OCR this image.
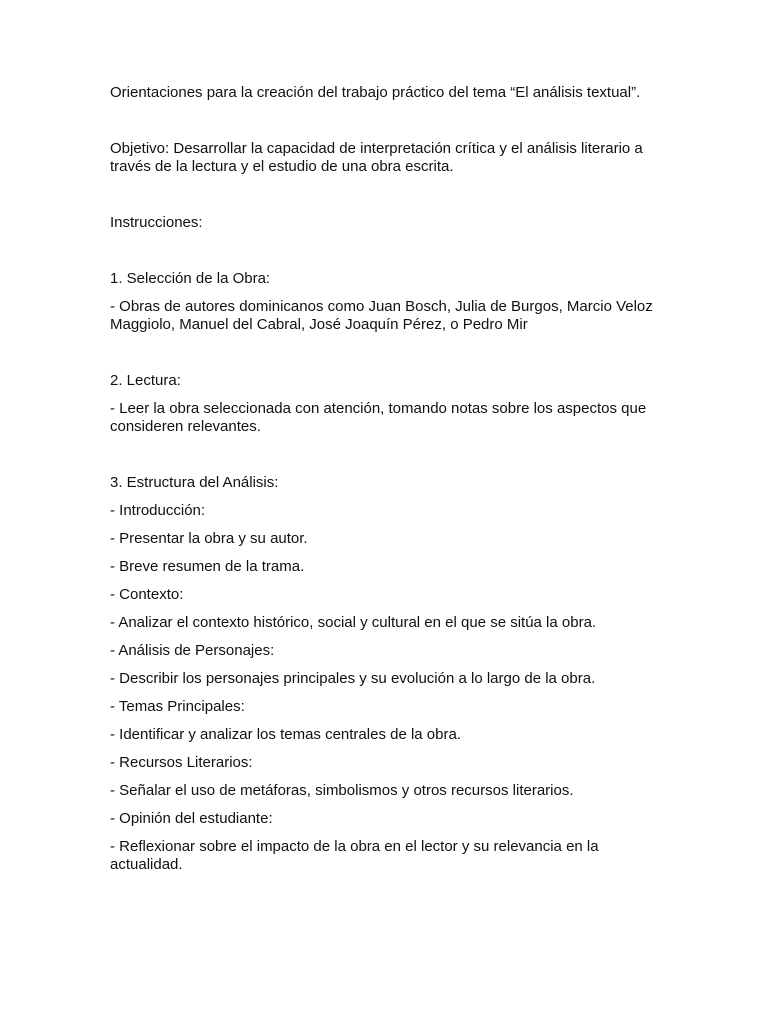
Orientaciones para la creación del trabajo práctico del tema “El análisis textual”.

Objetivo: Desarrollar la capacidad de interpretación crítica y el análisis literario a través de la lectura y el estudio de una obra escrita.

Instrucciones:

1. Selección de la Obra:

- Obras de autores dominicanos como Juan Bosch, Julia de Burgos, Marcio Veloz Maggiolo, Manuel del Cabral, José Joaquín Pérez, o Pedro Mir

2. Lectura:

- Leer la obra seleccionada con atención, tomando notas sobre los aspectos que consideren relevantes.

3. Estructura del Análisis:

- Introducción:

- Presentar la obra y su autor.

- Breve resumen de la trama.

- Contexto:

- Analizar el contexto histórico, social y cultural en el que se sitúa la obra.

- Análisis de Personajes:

- Describir los personajes principales y su evolución a lo largo de la obra.

- Temas Principales:

- Identificar y analizar los temas centrales de la obra.

- Recursos Literarios:

- Señalar el uso de metáforas, simbolismos y otros recursos literarios.

- Opinión del estudiante:

- Reflexionar sobre el impacto de la obra en el lector y su relevancia en la actualidad.
